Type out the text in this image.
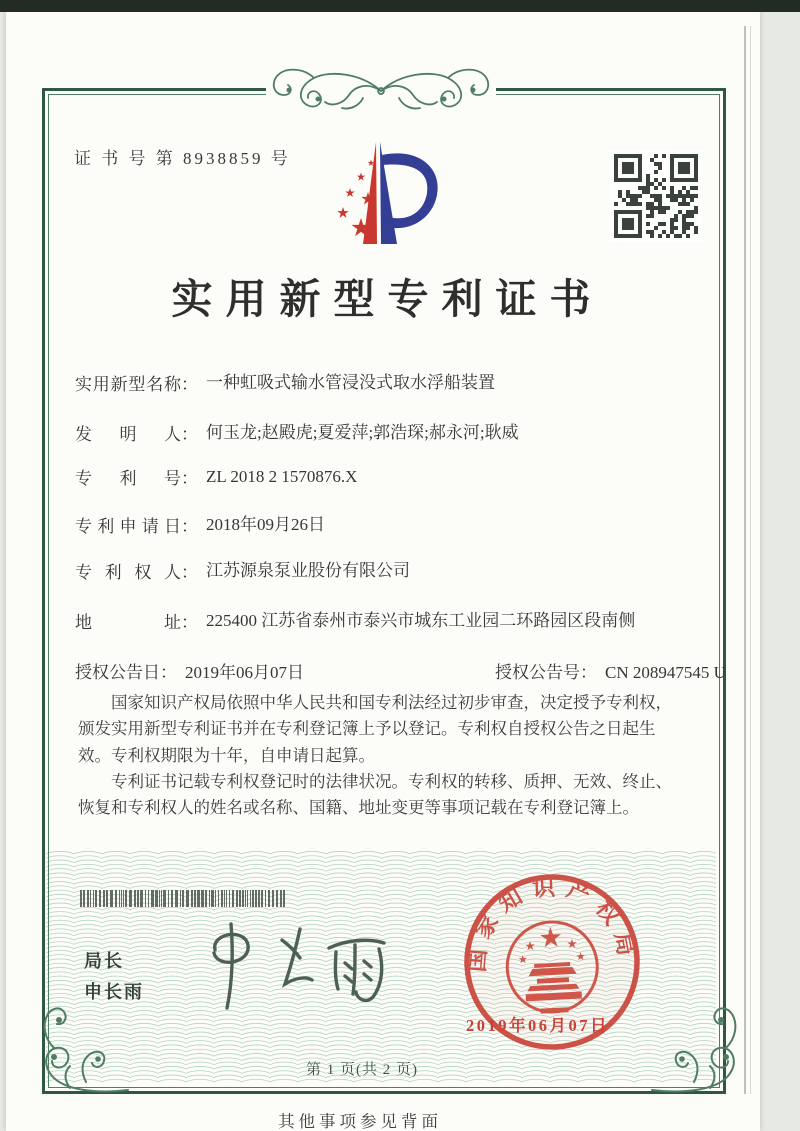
证 书 号 第 8938859 号
实用新型专利证书
实用新型名称： 一种虹吸式输水管浸没式取水浮船装置
发明人： 何玉龙;赵殿虎;夏爱萍;郭浩琛;郝永河;耿威
专利号： ZL 2018 2 1570876.X
专利申请日： 2018年09月26日
专利权人： 江苏源泉泵业股份有限公司
地址： 225400 江苏省泰州市泰兴市城东工业园二环路园区段南侧
授权公告日： 2019年06月07日	授权公告号： CN 208947545 U

国家知识产权局依照中华人民共和国专利法经过初步审查，决定授予专利权，颁发实用新型专利证书并在专利登记簿上予以登记。专利权自授权公告之日起生效。专利权期限为十年，自申请日起算。

专利证书记载专利权登记时的法律状况。专利权的转移、质押、无效、终止、恢复和专利权人的姓名或名称、国籍、地址变更等事项记载在专利登记簿上。

局长
申长雨
国家知识产权局
2019年06月07日
第 1 页(共 2 页)
其他事项参见背面
